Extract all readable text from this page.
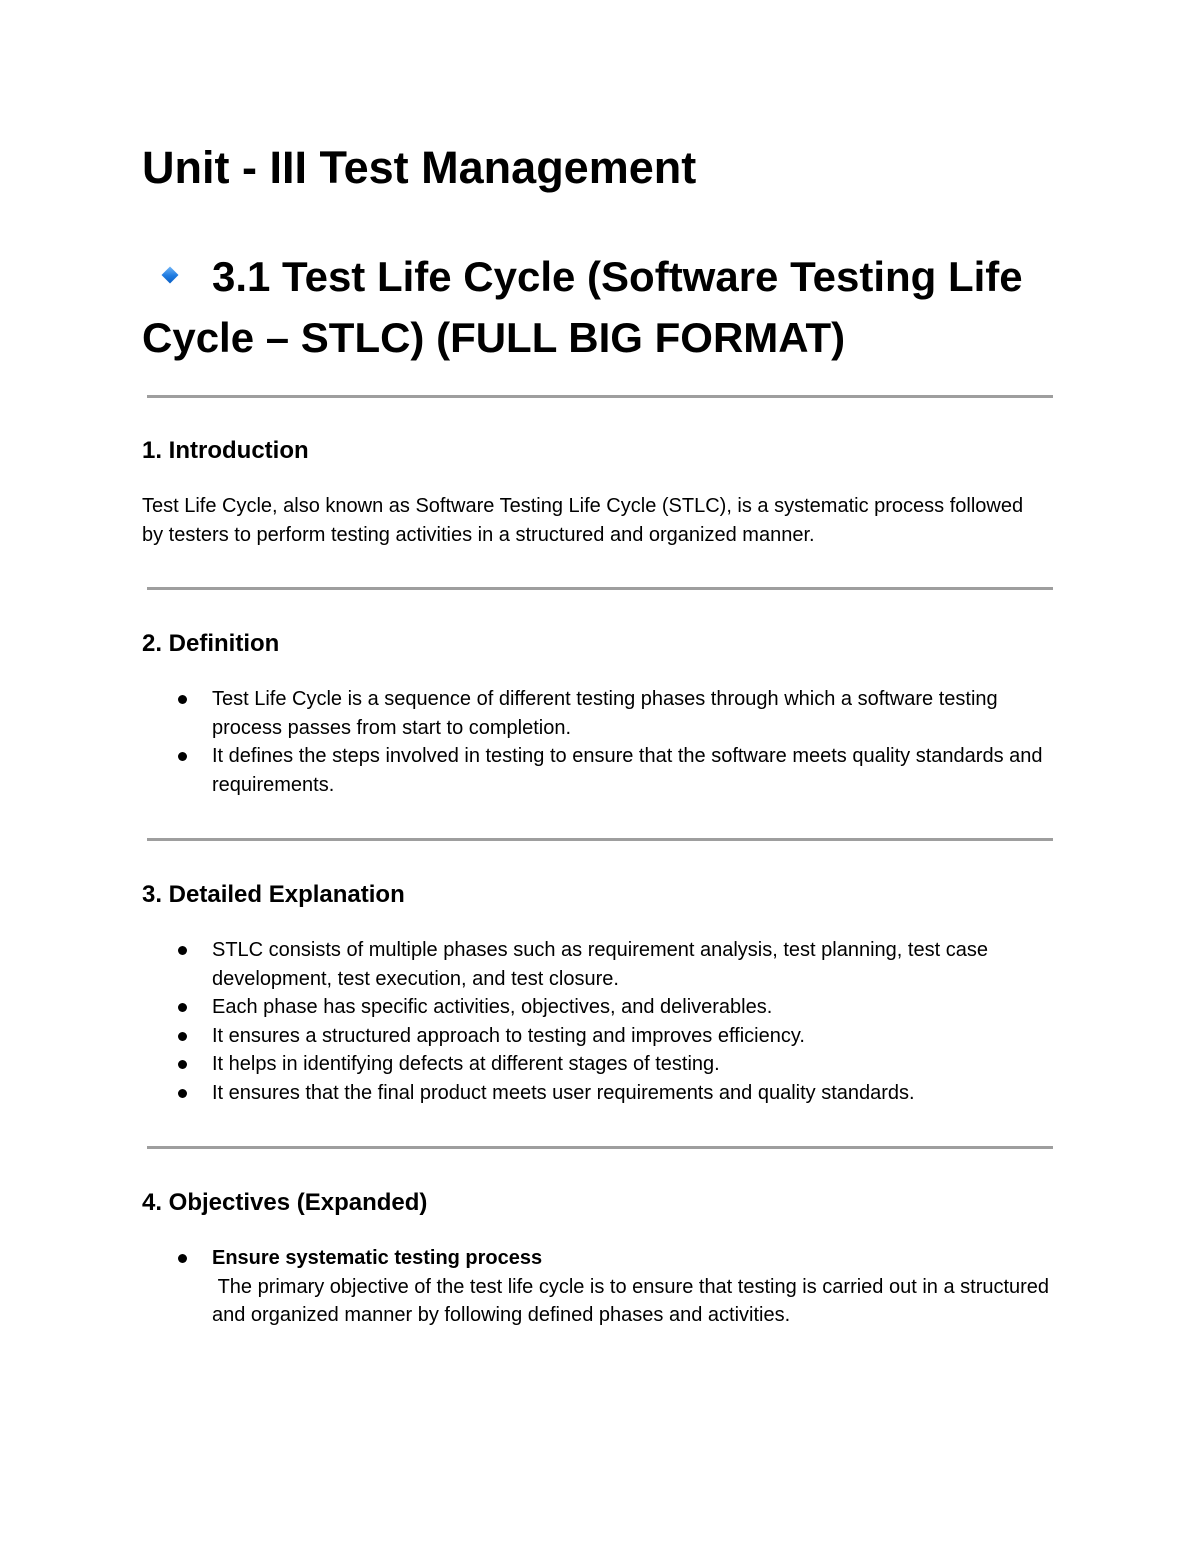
Unit - III Test Management
3.1 Test Life Cycle (Software Testing Life Cycle – STLC) (FULL BIG FORMAT)
1. Introduction

Test Life Cycle, also known as Software Testing Life Cycle (STLC), is a systematic process followed by testers to perform testing activities in a structured and organized manner.

2. Definition
Test Life Cycle is a sequence of different testing phases through which a software testing process passes from start to completion.
It defines the steps involved in testing to ensure that the software meets quality standards and requirements.
3. Detailed Explanation
STLC consists of multiple phases such as requirement analysis, test planning, test case development, test execution, and test closure.
Each phase has specific activities, objectives, and deliverables.
It ensures a structured approach to testing and improves efficiency.
It helps in identifying defects at different stages of testing.
It ensures that the final product meets user requirements and quality standards.
4. Objectives (Expanded)
Ensure systematic testing process
The primary objective of the test life cycle is to ensure that testing is carried out in a structured and organized manner by following defined phases and activities.
